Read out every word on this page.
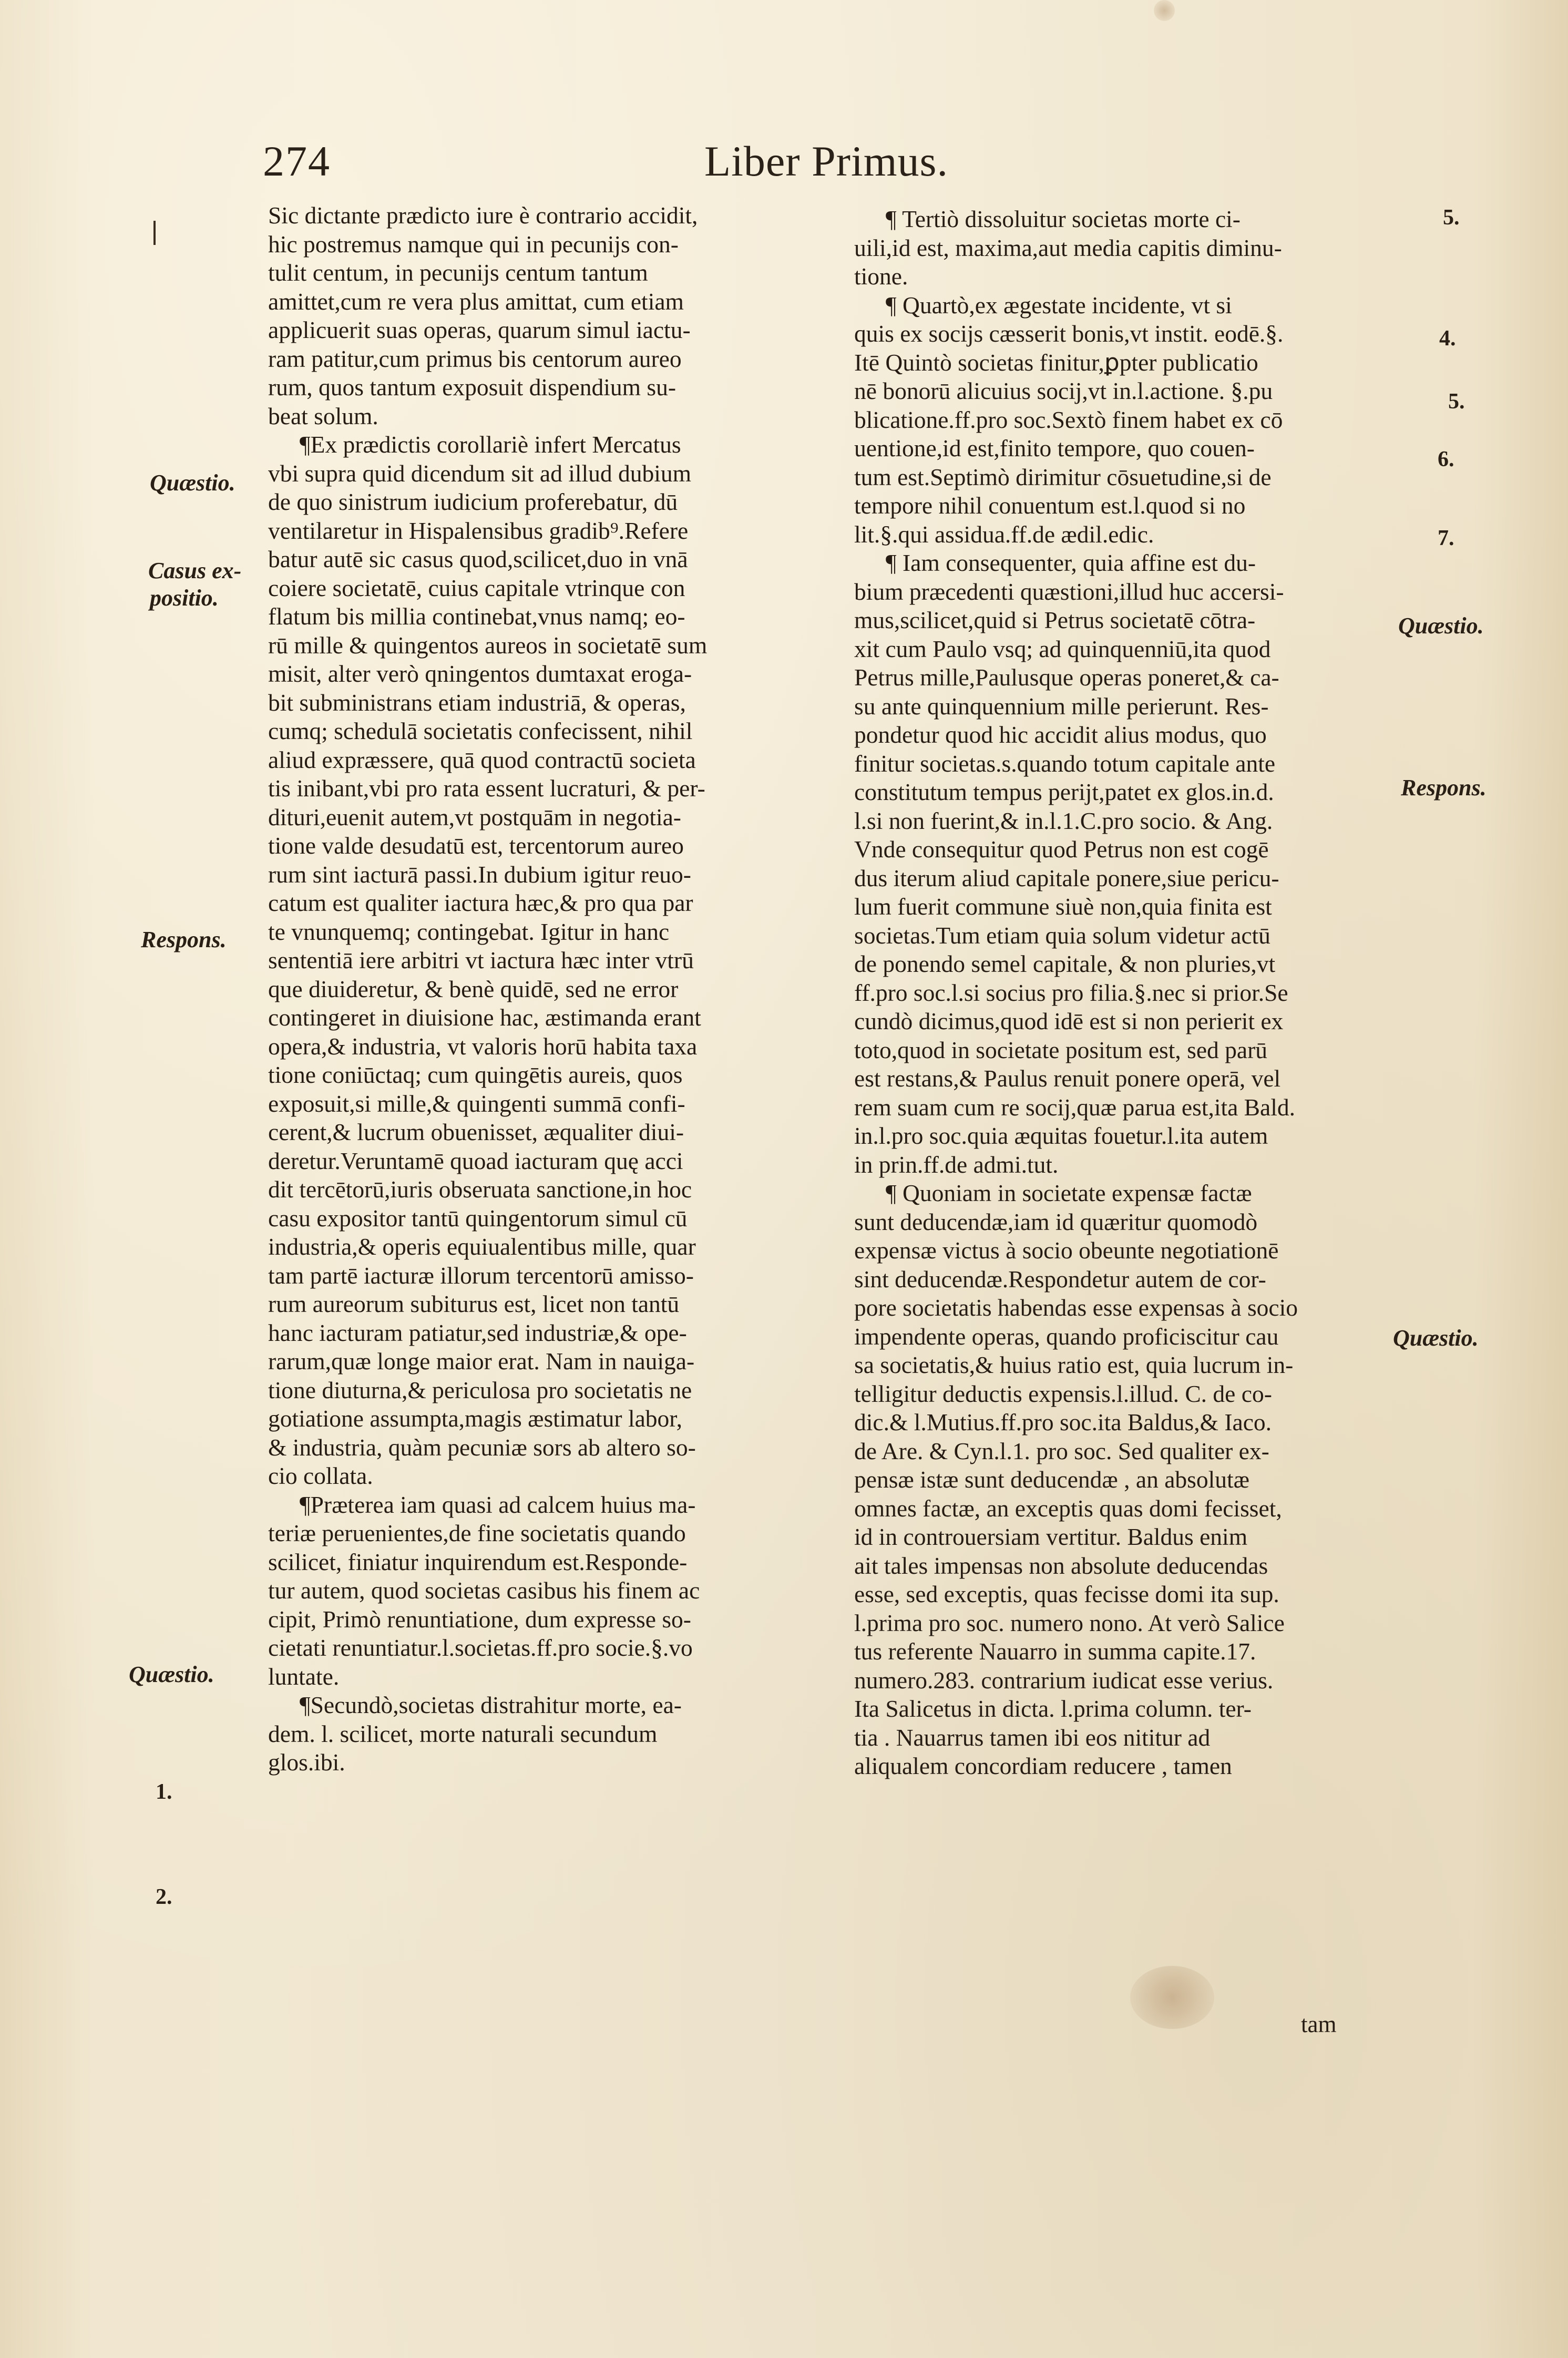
274	Liber Primus.
Quæstio.
Casus ex-
positio.
Respons.
Quæstio.
1.
2.
5.
4.
5.
6.
7.
Quæstio.
Respons.
Quæstio.
Sic dictante prædicto iure è contrario accidit,
hic postremus namque qui in pecunijs con-
tulit centum, in pecunijs centum tantum
amittet,cum re vera plus amittat, cum etiam
applicuerit suas operas, quarum simul iactu-
ram patitur,cum primus bis centorum aureo
rum, quos tantum exposuit dispendium su-
beat solum.
¶Ex prædictis corollariè infert Mercatus
vbi supra quid dicendum sit ad illud dubium
de quo sinistrum iudicium proferebatur, dū
ventilaretur in Hispalensibus gradib⁹.Refere
batur autē sic casus quod,scilicet,duo in vnā
coiere societatē, cuius capitale vtrinque con
flatum bis millia continebat,vnus namq; eo-
rū mille & quingentos aureos in societatē sum
misit, alter verò qningentos dumtaxat eroga-
bit subministrans etiam industriā, & operas,
cumq; schedulā societatis confecissent, nihil
aliud expræssere, quā quod contractū societa
tis inibant,vbi pro rata essent lucraturi, & per-
dituri,euenit autem,vt postquām in negotia-
tione valde desudatū est, tercentorum aureo
rum sint iacturā passi.In dubium igitur reuo-
catum est qualiter iactura hæc,& pro qua par
te vnunquemq; contingebat. Igitur in hanc
sententiā iere arbitri vt iactura hæc inter vtrū
que diuideretur, & benè quidē, sed ne error
contingeret in diuisione hac, æstimanda erant
opera,& industria, vt valoris horū habita taxa
tione coniūctaq; cum quingētis aureis, quos
exposuit,si mille,& quingenti summā confi-
cerent,& lucrum obuenisset, æqualiter diui-
deretur.Veruntamē quoad iacturam quę acci
dit tercētorū,iuris obseruata sanctione,in hoc
casu expositor tantū quingentorum simul cū
industria,& operis equiualentibus mille, quar
tam partē iacturæ illorum tercentorū amisso-
rum aureorum subiturus est, licet non tantū
hanc iacturam patiatur,sed industriæ,& ope-
rarum,quæ longe maior erat. Nam in nauiga-
tione diuturna,& periculosa pro societatis ne
gotiatione assumpta,magis æstimatur labor,
& industria, quàm pecuniæ sors ab altero so-
cio collata.
¶Præterea iam quasi ad calcem huius ma-
teriæ peruenientes,de fine societatis quando
scilicet, finiatur inquirendum est.Responde-
tur autem, quod societas casibus his finem ac
cipit, Primò renuntiatione, dum expresse so-
cietati renuntiatur.l.societas.ff.pro socie.§.vo
luntate.
¶Secundò,societas distrahitur morte, ea-
dem. l. scilicet, morte naturali secundum
glos.ibi.
¶ Tertiò dissoluitur societas morte ci-
uili,id est, maxima,aut media capitis diminu-
tione.
¶ Quartò,ex ægestate incidente, vt si
quis ex socijs cæsserit bonis,vt instit. eodē.§.
Itē Quintò societas finitur,ꝑpter publicatio
nē bonorū alicuius socij,vt in.l.actione. §.pu
blicatione.ff.pro soc.Sextò finem habet ex cō
uentione,id est,finito tempore, quo couen-
tum est.Septimò dirimitur cōsuetudine,si de
tempore nihil conuentum est.l.quod si no
lit.§.qui assidua.ff.de ædil.edic.
¶ Iam consequenter, quia affine est du-
bium præcedenti quæstioni,illud huc accersi-
mus,scilicet,quid si Petrus societatē cōtra-
xit cum Paulo vsq; ad quinquenniū,ita quod
Petrus mille,Paulusque operas poneret,& ca-
su ante quinquennium mille perierunt. Res-
pondetur quod hic accidit alius modus, quo
finitur societas.s.quando totum capitale ante
constitutum tempus perijt,patet ex glos.in.d.
l.si non fuerint,& in.l.1.C.pro socio. & Ang.
Vnde consequitur quod Petrus non est cogē
dus iterum aliud capitale ponere,siue pericu-
lum fuerit commune siuè non,quia finita est
societas.Tum etiam quia solum videtur actū
de ponendo semel capitale, & non pluries,vt
ff.pro soc.l.si socius pro filia.§.nec si prior.Se
cundò dicimus,quod idē est si non perierit ex
toto,quod in societate positum est, sed parū
est restans,& Paulus renuit ponere operā, vel
rem suam cum re socij,quæ parua est,ita Bald.
in.l.pro soc.quia æquitas fouetur.l.ita autem
in prin.ff.de admi.tut.
¶ Quoniam in societate expensæ factæ
sunt deducendæ,iam id quæritur quomodò
expensæ victus à socio obeunte negotiationē
sint deducendæ.Respondetur autem de cor-
pore societatis habendas esse expensas à socio
impendente operas, quando proficiscitur cau
sa societatis,& huius ratio est, quia lucrum in-
telligitur deductis expensis.l.illud. C. de co-
dic.& l.Mutius.ff.pro soc.ita Baldus,& Iaco.
de Are. & Cyn.l.1. pro soc. Sed qualiter ex-
pensæ istæ sunt deducendæ , an absolutæ
omnes factæ, an exceptis quas domi fecisset,
id in controuersiam vertitur. Baldus enim
ait tales impensas non absolute deducendas
esse, sed exceptis, quas fecisse domi ita sup.
l.prima pro soc. numero nono. At verò Salice
tus referente Nauarro in summa capite.17.
numero.283. contrarium iudicat esse verius.
Ita Salicetus in dicta. l.prima column. ter-
tia . Nauarrus tamen ibi eos nititur ad
aliqualem concordiam reducere , tamen
tam
